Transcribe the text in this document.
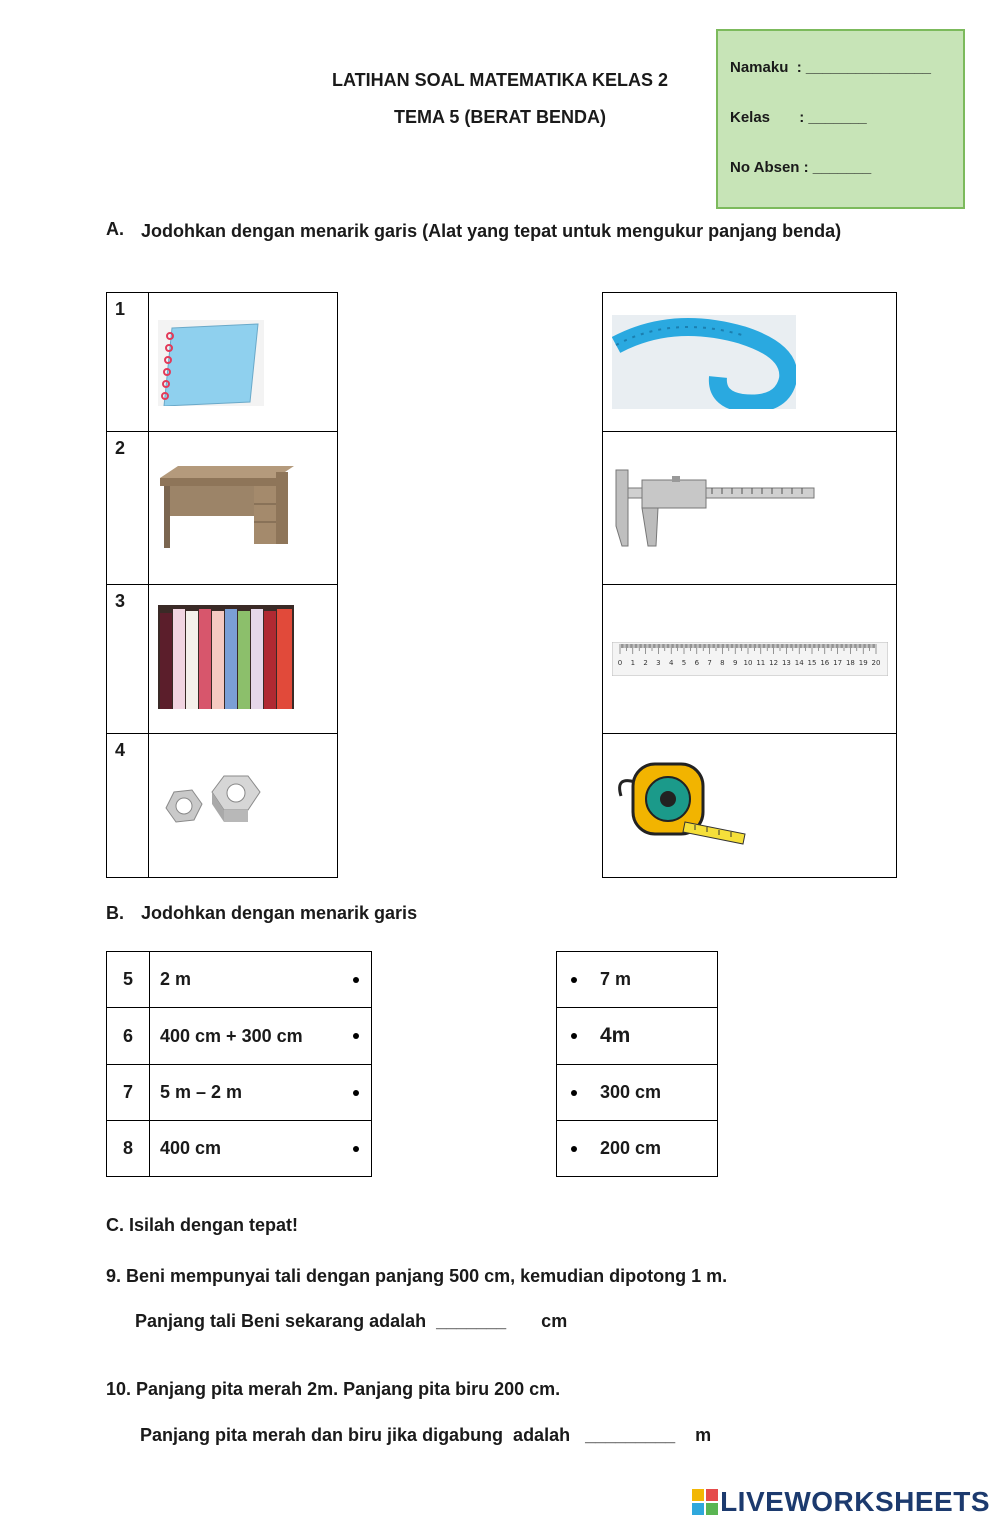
LATIHAN SOAL MATEMATIKA KELAS 2
TEMA 5 (BERAT BENDA)
Namaku  : _______________
Kelas       : _______
No Absen : _______
A. Jodohkan dengan menarik garis (Alat yang tepat untuk mengukur panjang benda)
1	

2	

3	

4	

0 1 2 3 4 5 6 7 8 9 10 11 12 13 14 15 16 17 18 19 20

B. Jodohkan dengan menarik garis
5	2 m

6	400 cm + 300 cm

7	5 m – 2 m

8	400 cm
7 m

4m

300 cm

200 cm
C. Isilah dengan tepat!
9. Beni mempunyai tali dengan panjang 500 cm, kemudian dipotong 1 m.
Panjang tali Beni sekarang adalah  _______       cm
10. Panjang pita merah 2m. Panjang pita biru 200 cm.
Panjang pita merah dan biru jika digabung  adalah   _________    m
LIVEWORKSHEETS
